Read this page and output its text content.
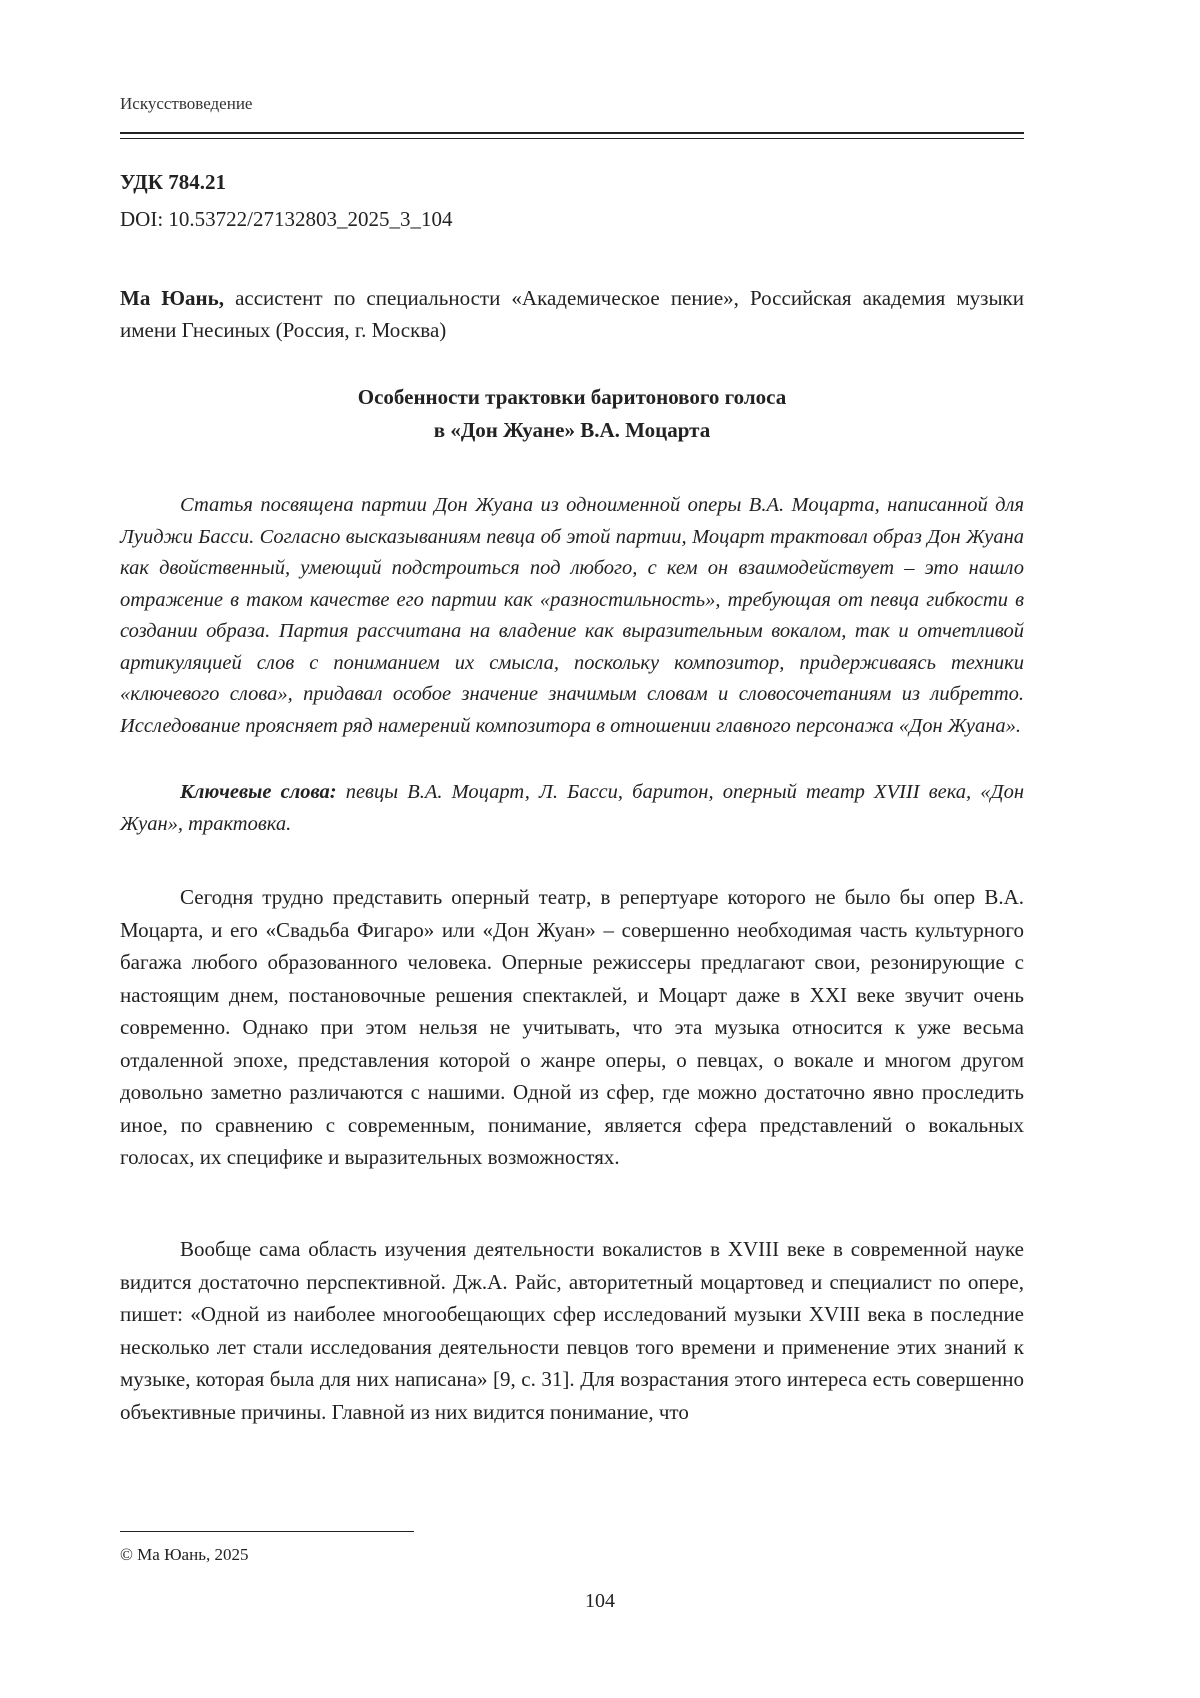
Искусствоведение
УДК 784.21
DOI: 10.53722/27132803_2025_3_104
Ма Юань, ассистент по специальности «Академическое пение», Российская академия музыки имени Гнесиных (Россия, г. Москва)
Особенности трактовки баритонового голоса
в «Дон Жуане» В.А. Моцарта

Статья посвящена партии Дон Жуана из одноименной оперы В.А. Моцарта, написанной для Луиджи Басси. Согласно высказываниям певца об этой партии, Моцарт трактовал образ Дон Жуана как двойственный, умеющий подстроиться под любого, с кем он взаимодействует – это нашло отражение в таком качестве его партии как «разностильность», требующая от певца гибкости в создании образа. Партия рассчитана на владение как выразительным вокалом, так и отчетливой артикуляцией слов с пониманием их смысла, поскольку композитор, придерживаясь техники «ключевого слова», придавал особое значение значимым словам и словосочетаниям из либретто. Исследование проясняет ряд намерений композитора в отношении главного персонажа «Дон Жуана».

Ключевые слова: певцы В.А. Моцарт, Л. Басси, баритон, оперный театр XVIII века, «Дон Жуан», трактовка.

Сегодня трудно представить оперный театр, в репертуаре которого не было бы опер В.А. Моцарта, и его «Свадьба Фигаро» или «Дон Жуан» – совершенно необходимая часть культурного багажа любого образованного человека. Оперные режиссеры предлагают свои, резонирующие с настоящим днем, постановочные решения спектаклей, и Моцарт даже в XXI веке звучит очень современно. Однако при этом нельзя не учитывать, что эта музыка относится к уже весьма отдаленной эпохе, представления которой о жанре оперы, о певцах, о вокале и многом другом довольно заметно различаются с нашими. Одной из сфер, где можно достаточно явно проследить иное, по сравнению с современным, понимание, является сфера представлений о вокальных голосах, их специфике и выразительных возможностях.

Вообще сама область изучения деятельности вокалистов в XVIII веке в современной науке видится достаточно перспективной. Дж.А. Райс, авторитетный моцартовед и специалист по опере, пишет: «Одной из наиболее многообещающих сфер исследований музыки XVIII века в последние несколько лет стали исследования деятельности певцов того времени и применение этих знаний к музыке, которая была для них написана» [9, с. 31]. Для возрастания этого интереса есть совершенно объективные причины. Главной из них видится понимание, что

© Ма Юань, 2025
104
